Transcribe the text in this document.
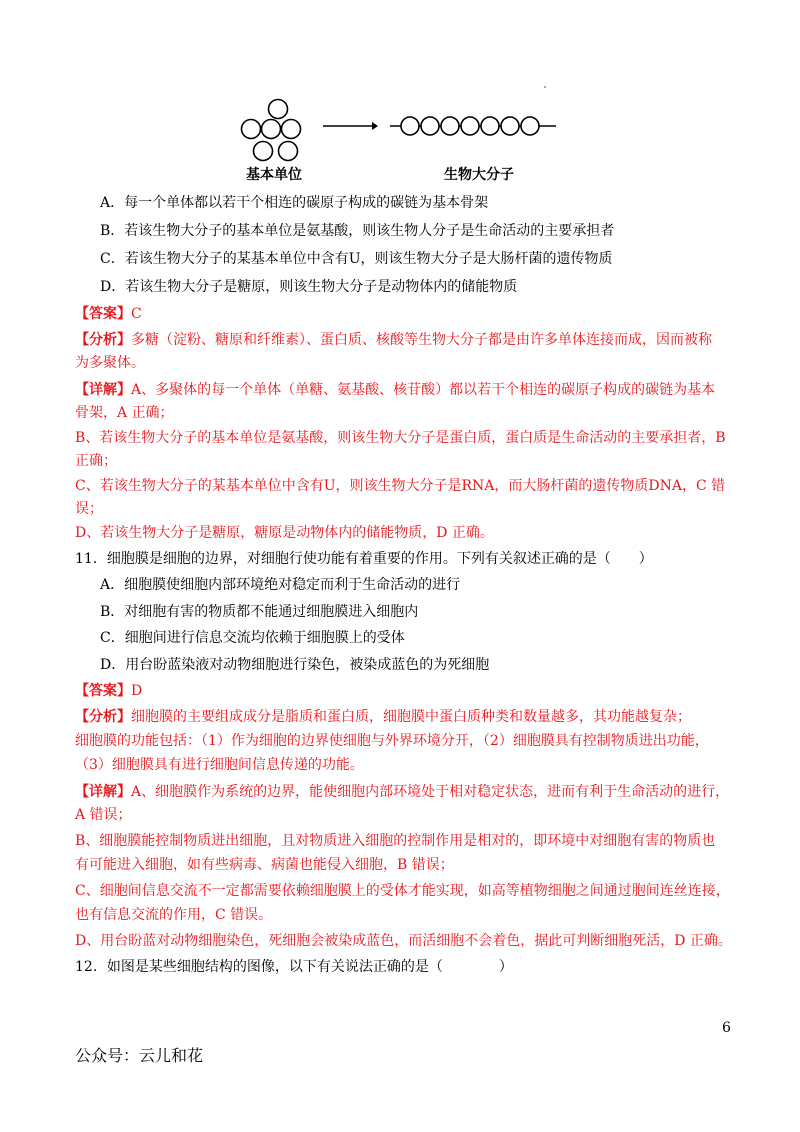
基本单位	生物大分子
A．每一个单体都以若干个相连的碳原子构成的碳链为基本骨架
B．若该生物大分子的基本单位是氨基酸，则该生物人分子是生命活动的主要承担者
C．若该生物大分子的某基本单位中含有U，则该生物大分子是大肠杆菌的遗传物质
D．若该生物大分子是糖原，则该生物大分子是动物体内的储能物质
【答案】C
【分析】多糖（淀粉、糖原和纤维素）、蛋白质、核酸等生物大分子都是由许多单体连接而成，因而被称
为多聚体。
【详解】A、多聚体的每一个单体（单糖、氨基酸、核苷酸）都以若干个相连的碳原子构成的碳链为基本
骨架，A 正确；
B、若该生物大分子的基本单位是氨基酸，则该生物大分子是蛋白质，蛋白质是生命活动的主要承担者，B
正确；
C、若该生物大分子的某基本单位中含有U，则该生物大分子是RNA，而大肠杆菌的遗传物质DNA，C 错
误；
D、若该生物大分子是糖原，糖原是动物体内的储能物质，D 正确。
11．细胞膜是细胞的边界，对细胞行使功能有着重要的作用。下列有关叙述正确的是（　　）
A．细胞膜使细胞内部环境绝对稳定而利于生命活动的进行
B．对细胞有害的物质都不能通过细胞膜进入细胞内
C．细胞间进行信息交流均依赖于细胞膜上的受体
D．用台盼蓝染液对动物细胞进行染色，被染成蓝色的为死细胞
【答案】D
【分析】细胞膜的主要组成成分是脂质和蛋白质，细胞膜中蛋白质种类和数量越多，其功能越复杂；
细胞膜的功能包括：（1）作为细胞的边界使细胞与外界环境分开，（2）细胞膜具有控制物质进出功能，
（3）细胞膜具有进行细胞间信息传递的功能。
【详解】A、细胞膜作为系统的边界，能使细胞内部环境处于相对稳定状态，进而有利于生命活动的进行，
A 错误；
B、细胞膜能控制物质进出细胞，且对物质进入细胞的控制作用是相对的，即环境中对细胞有害的物质也
有可能进入细胞，如有些病毒、病菌也能侵入细胞，B 错误；
C、细胞间信息交流不一定都需要依赖细胞膜上的受体才能实现，如高等植物细胞之间通过胞间连丝连接，
也有信息交流的作用，C 错误。
D、用台盼蓝对动物细胞染色，死细胞会被染成蓝色，而活细胞不会着色，据此可判断细胞死活，D 正确。
12．如图是某些细胞结构的图像，以下有关说法正确的是（　　　　）
6
公众号：云儿和花
